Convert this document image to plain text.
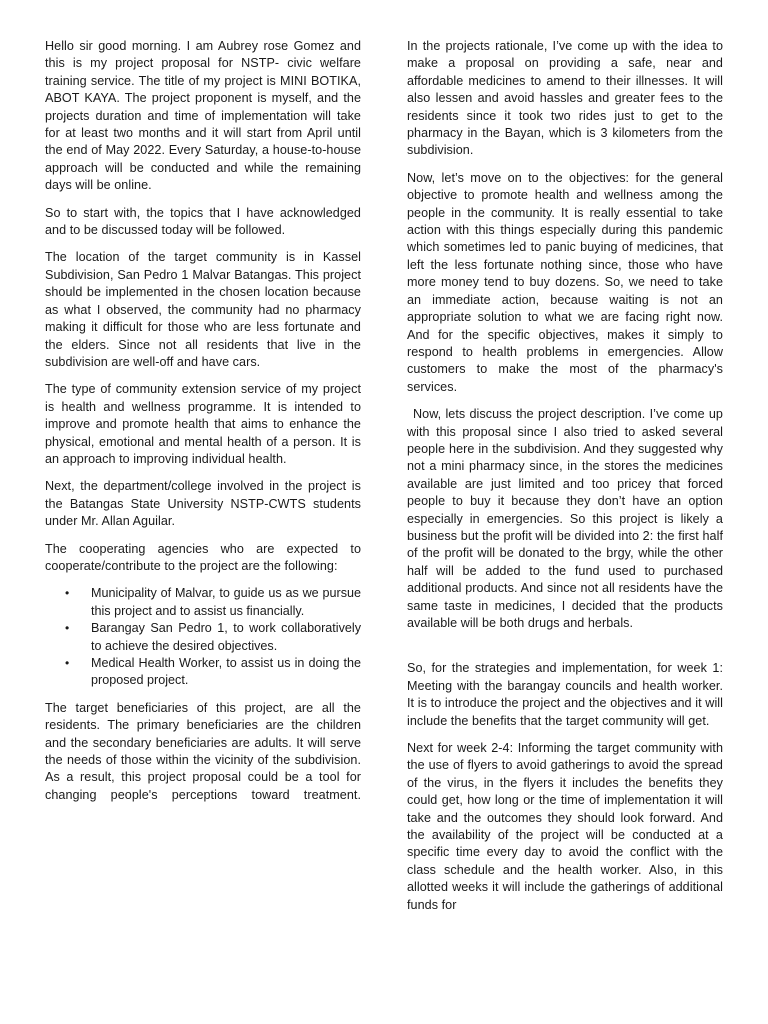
Hello sir good morning. I am Aubrey rose Gomez and this is my project proposal for NSTP- civic welfare training service. The title of my project is MINI BOTIKA, ABOT KAYA. The project proponent is myself, and the projects duration and time of implementation will take for at least two months and it will start from April until the end of May 2022. Every Saturday, a house-to-house approach will be conducted and while the remaining days will be online.

So to start with, the topics that I have acknowledged and to be discussed today will be followed.

The location of the target community is in Kassel Subdivision, San Pedro 1 Malvar Batangas. This project should be implemented in the chosen location because as what I observed, the community had no pharmacy making it difficult for those who are less fortunate and the elders. Since not all residents that live in the subdivision are well-off and have cars.

The type of community extension service of my project is health and wellness programme. It is intended to improve and promote health that aims to enhance the physical, emotional and mental health of a person. It is an approach to improving individual health.

Next, the department/college involved in the project is the Batangas State University NSTP-CWTS students under Mr. Allan Aguilar.

The cooperating agencies who are expected to cooperate/contribute to the project are the following:

• Municipality of Malvar, to guide us as we pursue this project and to assist us financially.
• Barangay San Pedro 1, to work collaboratively to achieve the desired objectives.
• Medical Health Worker, to assist us in doing the proposed project.

The target beneficiaries of this project, are all the residents. The primary beneficiaries are the children and the secondary beneficiaries are adults. It will serve the needs of those within the vicinity of the subdivision. As a result, this project proposal could be a tool for changing people's perceptions toward treatment.

In the projects rationale, I’ve come up with the idea to make a proposal on providing a safe, near and affordable medicines to amend to their illnesses. It will also lessen and avoid hassles and greater fees to the residents since it took two rides just to get to the pharmacy in the Bayan, which is 3 kilometers from the subdivision.

Now, let’s move on to the objectives: for the general objective to promote health and wellness among the people in the community. It is really essential to take action with this things especially during this pandemic which sometimes led to panic buying of medicines, that left the less fortunate nothing since, those who have more money tend to buy dozens. So, we need to take an immediate action, because waiting is not an appropriate solution to what we are facing right now. And for the specific objectives, makes it simply to respond to health problems in emergencies. Allow customers to make the most of the pharmacy's services.

Now, lets discuss the project description. I’ve come up with this proposal since I also tried to asked several people here in the subdivision. And they suggested why not a mini pharmacy since, in the stores the medicines available are just limited and too pricey that forced people to buy it because they don’t have an option especially in emergencies. So this project is likely a business but the profit will be divided into 2: the first half of the profit will be donated to the brgy, while the other half will be added to the fund used to purchased additional products. And since not all residents have the same taste in medicines, I decided that the products available will be both drugs and herbals.

So, for the strategies and implementation, for week 1: Meeting with the barangay councils and health worker. It is to introduce the project and the objectives and it will include the benefits that the target community will get.

Next for week 2-4: Informing the target community with the use of flyers to avoid gatherings to avoid the spread of the virus, in the flyers it includes the benefits they could get, how long or the time of implementation it will take and the outcomes they should look forward. And the availability of the project will be conducted at a specific time every day to avoid the conflict with the class schedule and the health worker. Also, in this allotted weeks it will include the gatherings of additional funds for
